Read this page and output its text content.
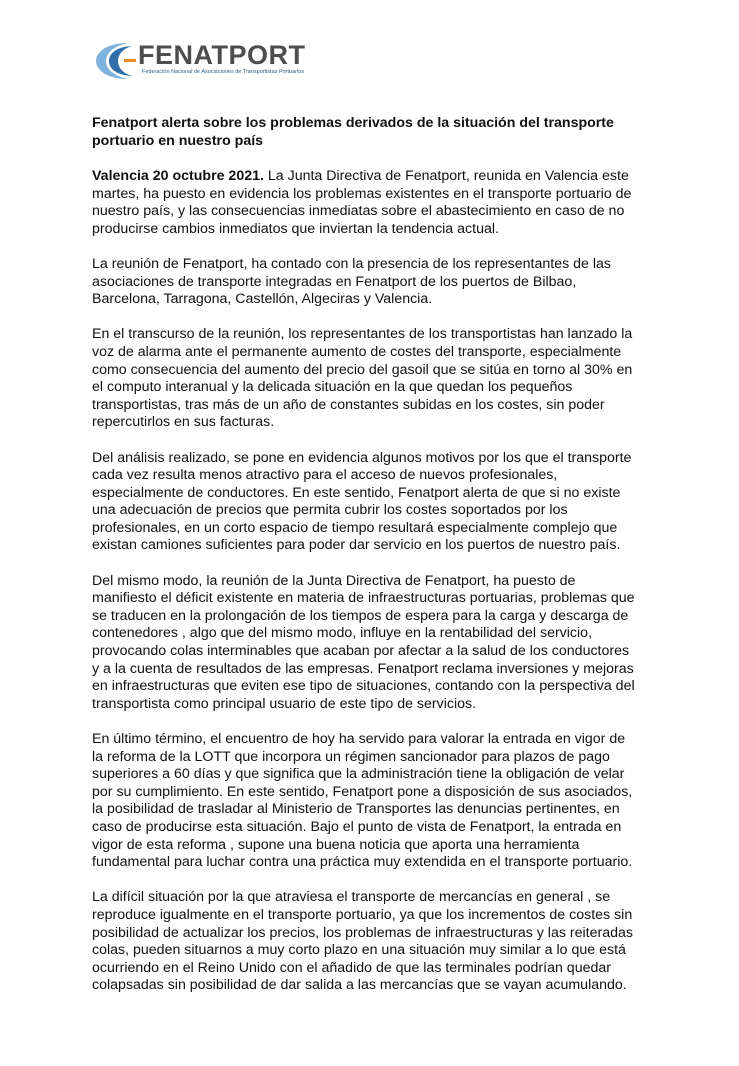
FENATPORT
Federación Nacional de Asociaciones de Transportistas Portuarios
Fenatport alerta sobre los problemas derivados de la situación del transporte portuario en nuestro país

Valencia 20 octubre 2021. La Junta Directiva de Fenatport, reunida en Valencia este martes, ha puesto en evidencia los problemas existentes en el transporte portuario de nuestro país, y las consecuencias inmediatas sobre el abastecimiento en caso de no producirse cambios inmediatos que inviertan la tendencia actual.

La reunión de Fenatport, ha contado con la presencia de los representantes de las asociaciones de transporte integradas en Fenatport de los puertos de Bilbao, Barcelona, Tarragona, Castellón, Algeciras y Valencia.

En el transcurso de la reunión, los representantes de los transportistas han lanzado la voz de alarma ante el permanente aumento de costes del transporte, especialmente como consecuencia del aumento del precio del gasoil que se sitúa en torno al 30% en el computo interanual y la delicada situación en la que quedan los pequeños transportistas, tras más de un año de constantes subidas en los costes, sin poder repercutirlos en sus facturas.

Del análisis realizado, se pone en evidencia algunos motivos por los que el transporte cada vez resulta menos atractivo para el acceso de nuevos profesionales, especialmente de conductores. En este sentido, Fenatport alerta de que si no existe una adecuación de precios que permita cubrir los costes soportados por los profesionales, en un corto espacio de tiempo resultará especialmente complejo que existan camiones suficientes para poder dar servicio en los puertos de nuestro país.

Del mismo modo, la reunión de la Junta Directiva de Fenatport, ha puesto de manifiesto el déficit existente en materia de infraestructuras portuarias, problemas que se traducen en la prolongación de los tiempos de espera para la carga y descarga de contenedores , algo que del mismo modo, influye en la rentabilidad del servicio, provocando colas interminables que acaban por afectar a la salud de los conductores y a la cuenta de resultados de las empresas. Fenatport reclama inversiones y mejoras en infraestructuras que eviten ese tipo de situaciones, contando con la perspectiva del transportista como principal usuario de este tipo de servicios.

En último término, el encuentro de hoy ha servido para valorar la entrada en vigor de la reforma de la LOTT que incorpora un régimen sancionador para plazos de pago superiores a 60 días y que significa que la administración tiene la obligación de velar por su cumplimiento. En este sentido, Fenatport pone a disposición de sus asociados, la posibilidad de trasladar al Ministerio de Transportes las denuncias pertinentes, en caso de producirse esta situación. Bajo el punto de vista de Fenatport, la entrada en vigor de esta reforma , supone una buena noticia que aporta una herramienta fundamental para luchar contra una práctica muy extendida en el transporte portuario.

La difícil situación por la que atraviesa el transporte de mercancías en general , se reproduce igualmente en el transporte portuario, ya que los incrementos de costes sin posibilidad de actualizar los precios, los problemas de infraestructuras y las reiteradas colas, pueden situarnos a muy corto plazo en una situación muy similar a lo que está ocurriendo en el Reino Unido con el añadido de que las terminales podrían quedar colapsadas sin posibilidad de dar salida a las mercancías que se vayan acumulando.
